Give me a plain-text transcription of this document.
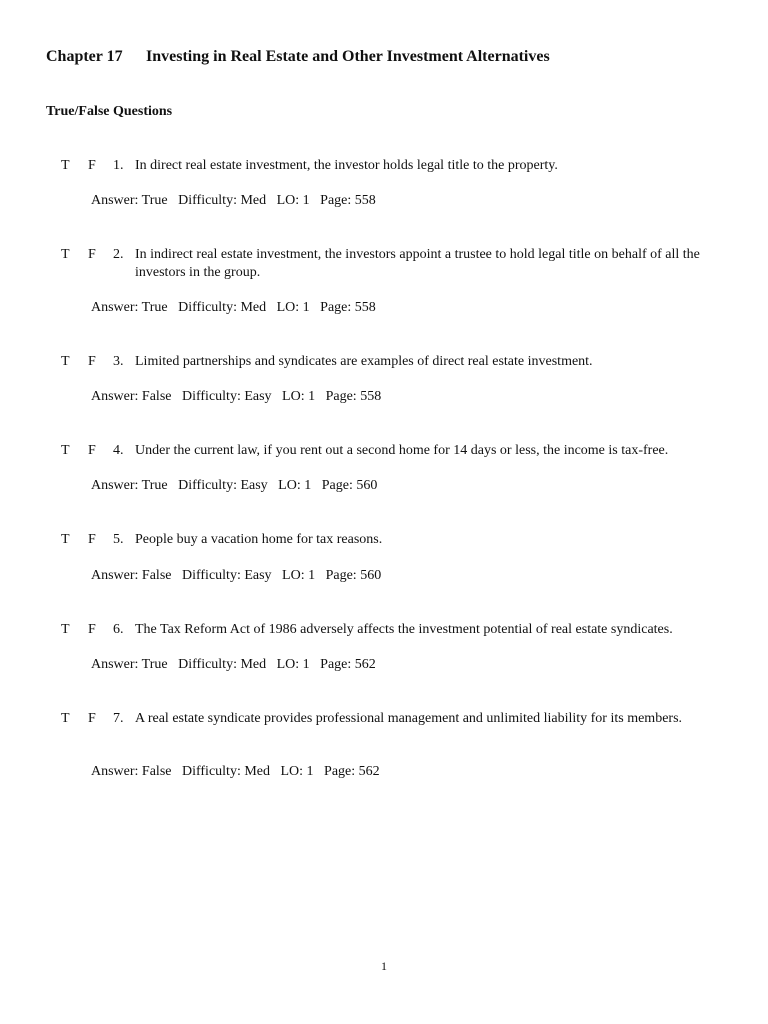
Chapter 17 Investing in Real Estate and Other Investment Alternatives
True/False Questions
T F 1. In direct real estate investment, the investor holds legal title to the property.
Answer: True   Difficulty: Med   LO: 1   Page: 558
T F 2. In indirect real estate investment, the investors appoint a trustee to hold legal title on behalf of all the investors in the group.
Answer: True   Difficulty: Med   LO: 1   Page: 558
T F 3. Limited partnerships and syndicates are examples of direct real estate investment.
Answer: False   Difficulty: Easy   LO: 1   Page: 558
T F 4. Under the current law, if you rent out a second home for 14 days or less, the income is tax-free.
Answer: True   Difficulty: Easy   LO: 1   Page: 560
T F 5. People buy a vacation home for tax reasons.
Answer: False   Difficulty: Easy   LO: 1   Page: 560
T F 6. The Tax Reform Act of 1986 adversely affects the investment potential of real estate syndicates.
Answer: True   Difficulty: Med   LO: 1   Page: 562
T F 7. A real estate syndicate provides professional management and unlimited liability for its members.
Answer: False   Difficulty: Med   LO: 1   Page: 562
1
